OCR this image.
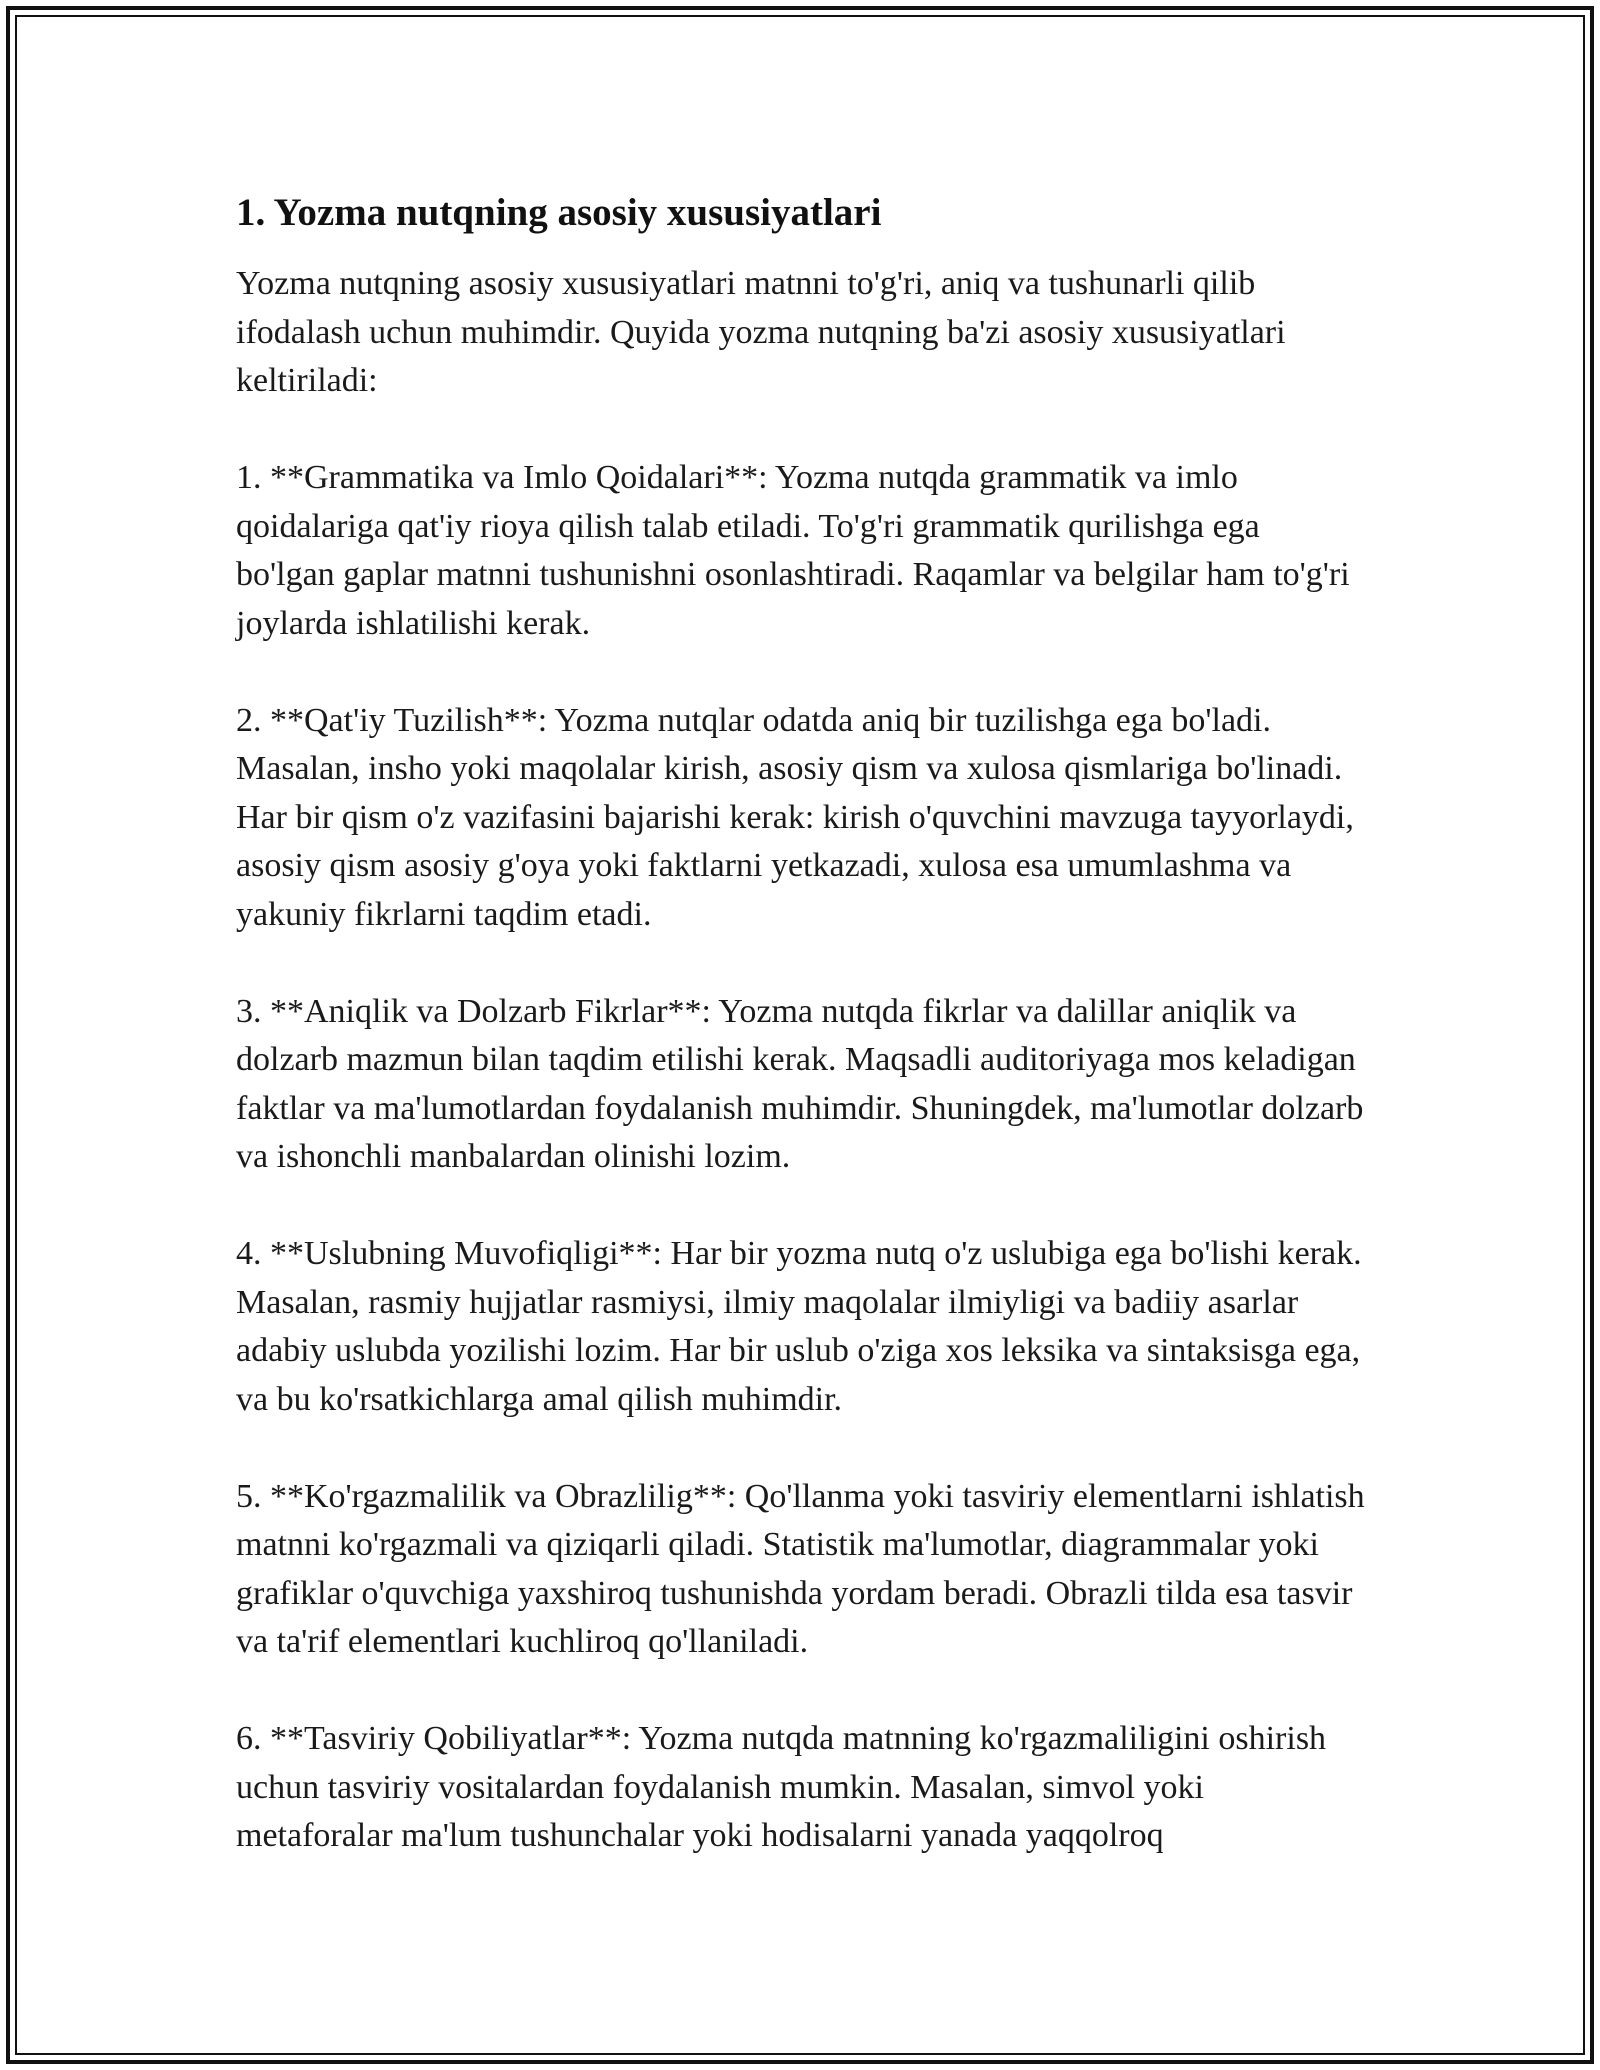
1. Yozma nutqning asosiy xususiyatlari

Yozma nutqning asosiy xususiyatlari matnni to'g'ri, aniq va tushunarli qilib ifodalash uchun muhimdir. Quyida yozma nutqning ba'zi asosiy xususiyatlari keltiriladi:

1. **Grammatika va Imlo Qoidalari**: Yozma nutqda grammatik va imlo qoidalariga qat'iy rioya qilish talab etiladi. To'g'ri grammatik qurilishga ega bo'lgan gaplar matnni tushunishni osonlashtiradi. Raqamlar va belgilar ham to'g'ri joylarda ishlatilishi kerak.

2. **Qat'iy Tuzilish**: Yozma nutqlar odatda aniq bir tuzilishga ega bo'ladi. Masalan, insho yoki maqolalar kirish, asosiy qism va xulosa qismlariga bo'linadi. Har bir qism o'z vazifasini bajarishi kerak: kirish o'quvchini mavzuga tayyorlaydi, asosiy qism asosiy g'oya yoki faktlarni yetkazadi, xulosa esa umumlashma va yakuniy fikrlarni taqdim etadi.

3. **Aniqlik va Dolzarb Fikrlar**: Yozma nutqda fikrlar va dalillar aniqlik va dolzarb mazmun bilan taqdim etilishi kerak. Maqsadli auditoriyaga mos keladigan faktlar va ma'lumotlardan foydalanish muhimdir. Shuningdek, ma'lumotlar dolzarb va ishonchli manbalardan olinishi lozim.

4. **Uslubning Muvofiqligi**: Har bir yozma nutq o'z uslubiga ega bo'lishi kerak. Masalan, rasmiy hujjatlar rasmiysi, ilmiy maqolalar ilmiyligi va badiiy asarlar adabiy uslubda yozilishi lozim. Har bir uslub o'ziga xos leksika va sintaksisga ega, va bu ko'rsatkichlarga amal qilish muhimdir.

5. **Ko'rgazmalilik va Obrazlilig**: Qo'llanma yoki tasviriy elementlarni ishlatish matnni ko'rgazmali va qiziqarli qiladi. Statistik ma'lumotlar, diagrammalar yoki grafiklar o'quvchiga yaxshiroq tushunishda yordam beradi. Obrazli tilda esa tasvir va ta'rif elementlari kuchliroq qo'llaniladi.

6. **Tasviriy Qobiliyatlar**: Yozma nutqda matnning ko'rgazmaliligini oshirish uchun tasviriy vositalardan foydalanish mumkin. Masalan, simvol yoki metaforalar ma'lum tushunchalar yoki hodisalarni yanada yaqqolroq
